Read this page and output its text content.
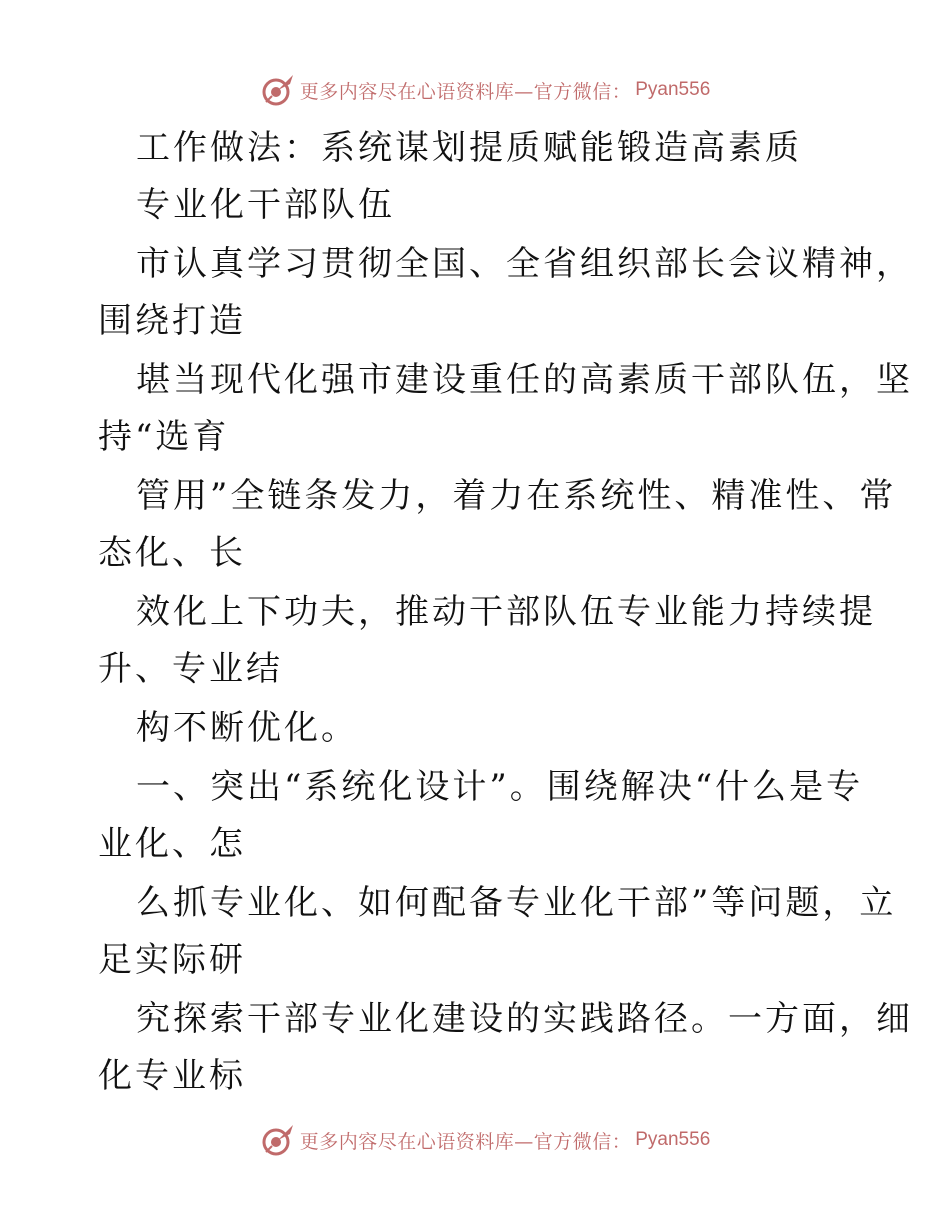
更多内容尽在心语资料库—官方微信： Pyan556
工作做法：系统谋划提质赋能锻造高素质
专业化干部队伍
市认真学习贯彻全国、全省组织部长会议精神，
围绕打造
堪当现代化强市建设重任的高素质干部队伍，坚
持“选育
管用”全链条发力，着力在系统性、精准性、常
态化、长
效化上下功夫，推动干部队伍专业能力持续提
升、专业结
构不断优化。
一、突出“系统化设计”。围绕解决“什么是专
业化、怎
么抓专业化、如何配备专业化干部”等问题，立
足实际研
究探索干部专业化建设的实践路径。一方面，细
化专业标
更多内容尽在心语资料库—官方微信： Pyan556
